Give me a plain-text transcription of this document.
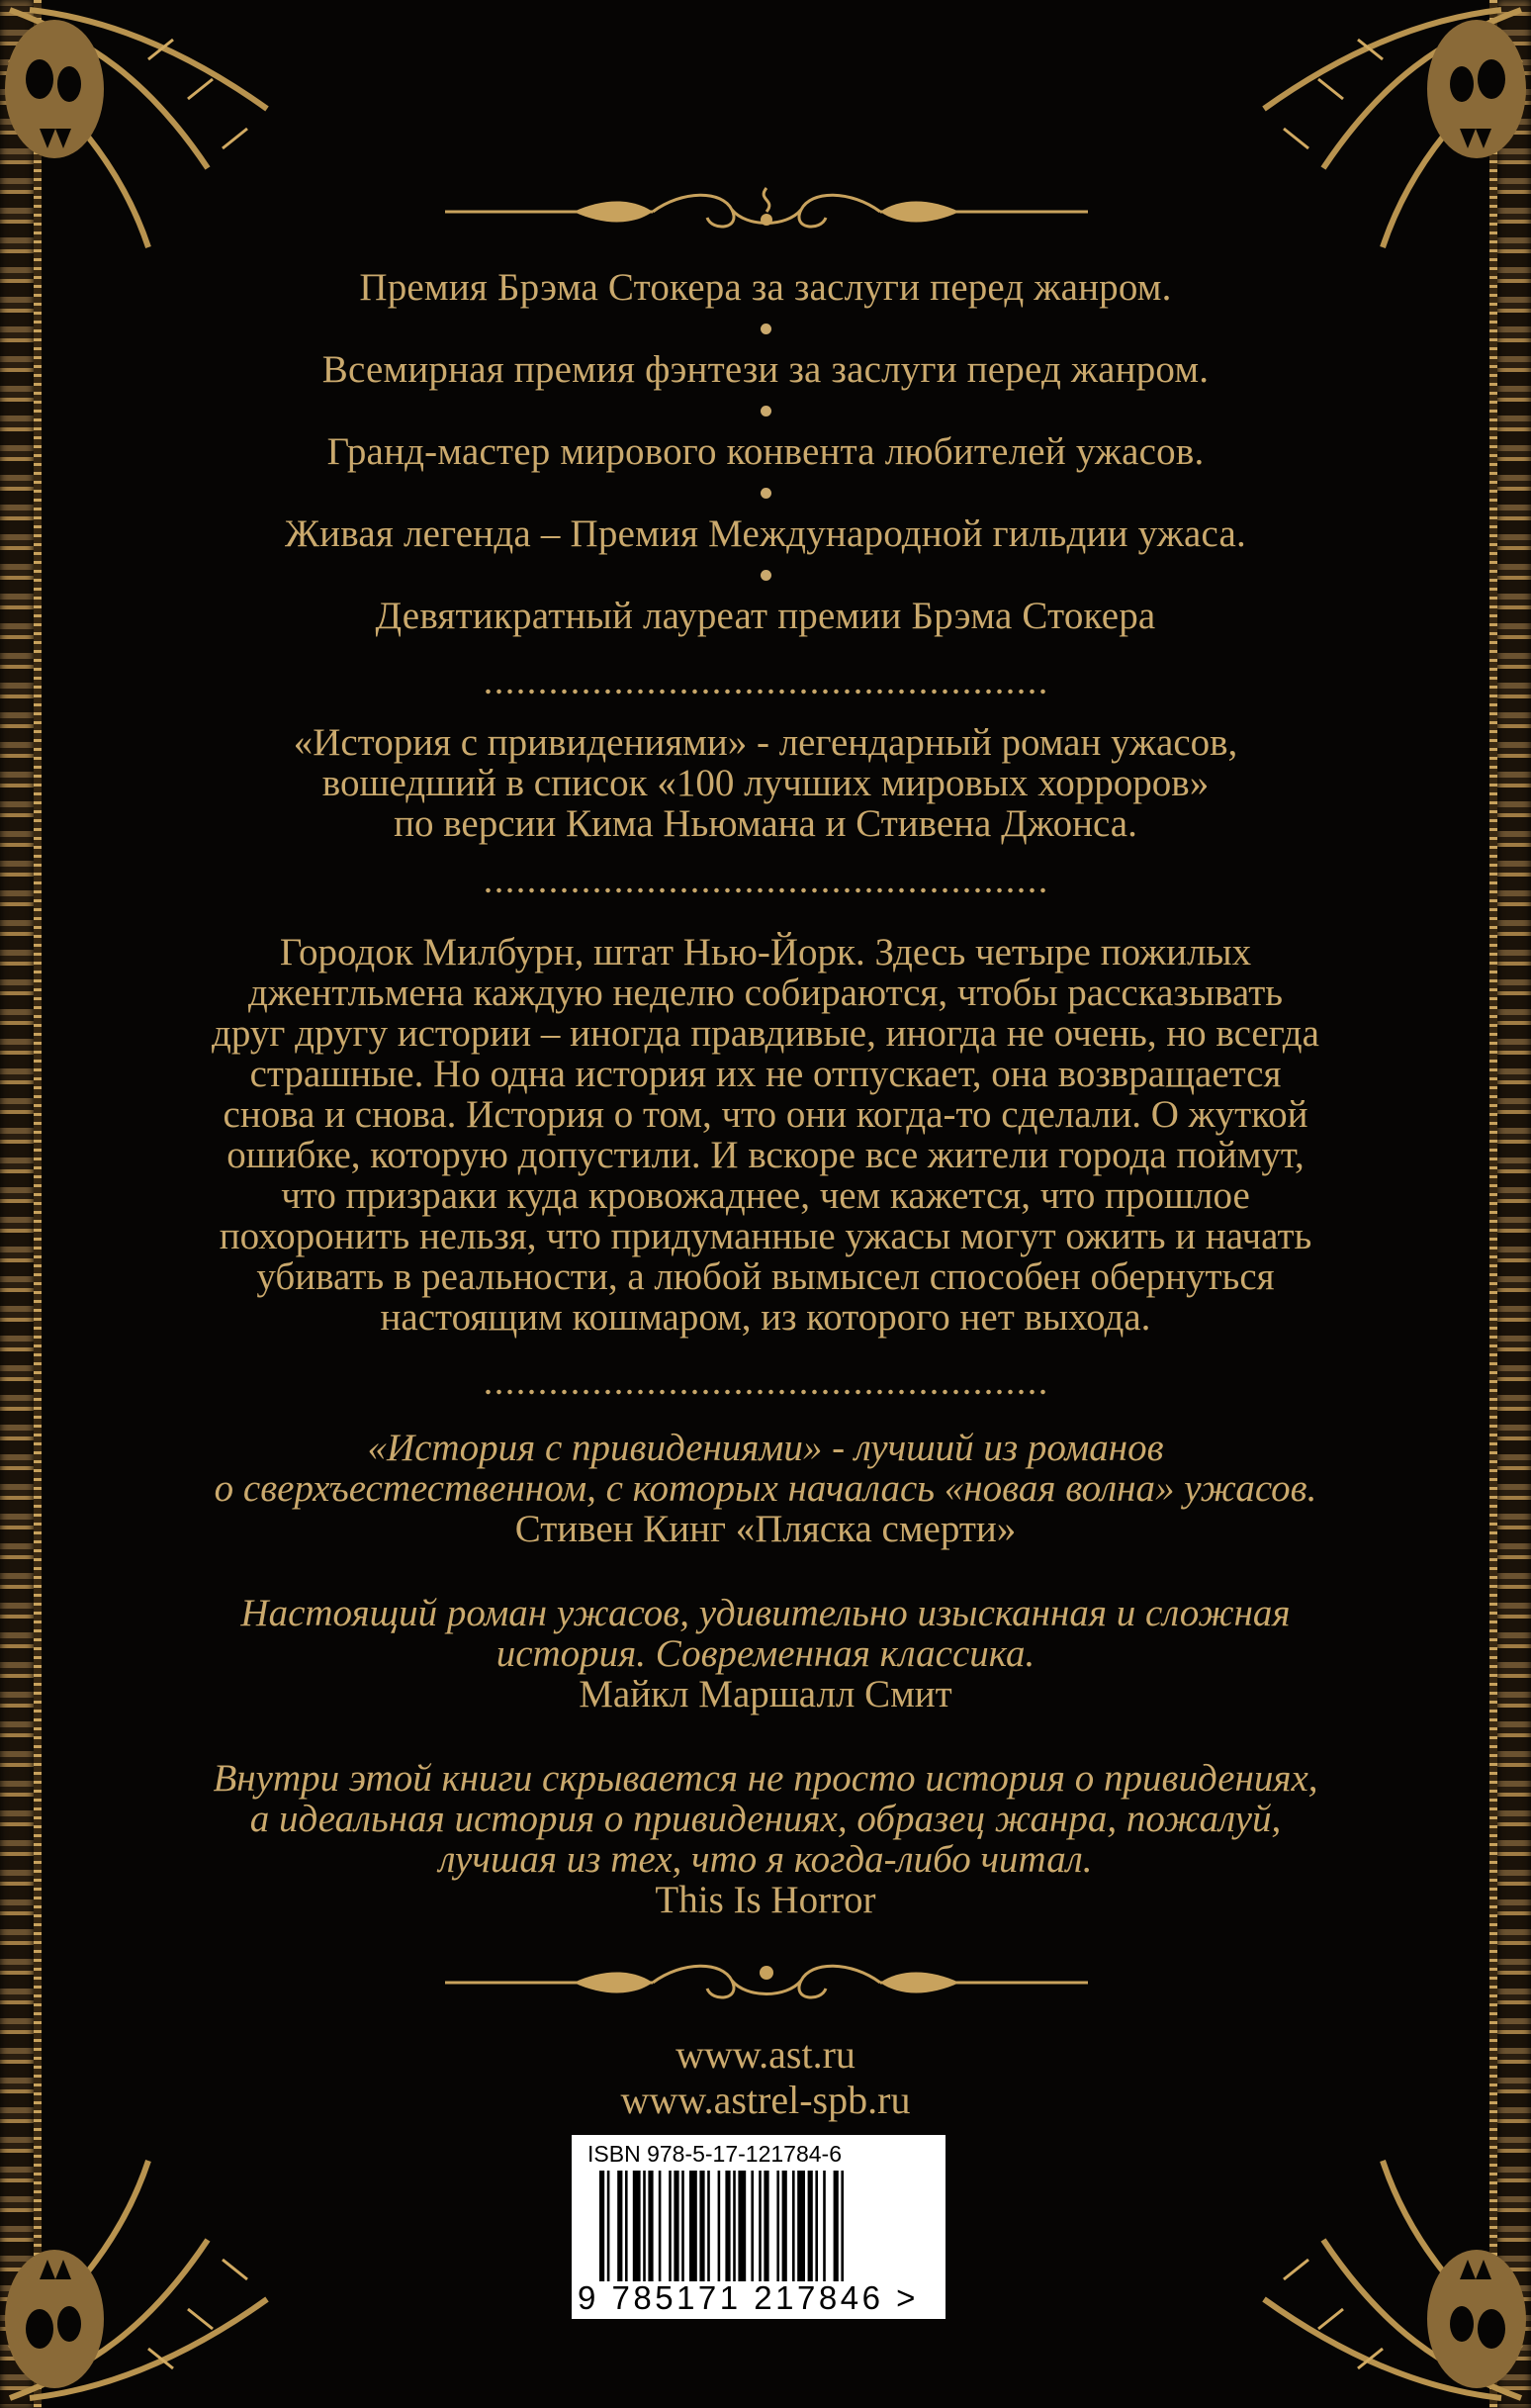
Премия Брэма Стокера за заслуги перед жанром.
Всемирная премия фэнтези за заслуги перед жанром.
Гранд-мастер мирового конвента любителей ужасов.
Живая легенда – Премия Международной гильдии ужаса.
Девятикратный лауреат премии Брэма Стокера

«История с привидениями» - легендарный роман ужасов,
вошедший в список «100 лучших мировых хорроров»
по версии Кима Ньюмана и Стивена Джонса.

Городок Милбурн, штат Нью-Йорк. Здесь четыре пожилых
джентльмена каждую неделю собираются, чтобы рассказывать
друг другу истории – иногда правдивые, иногда не очень, но всегда
страшные. Но одна история их не отпускает, она возвращается
снова и снова. История о том, что они когда-то сделали. О жуткой
ошибке, которую допустили. И вскоре все жители города поймут,
что призраки куда кровожаднее, чем кажется, что прошлое
похоронить нельзя, что придуманные ужасы могут ожить и начать
убивать в реальности, а любой вымысел способен обернуться
настоящим кошмаром, из которого нет выхода.

«История с привидениями» - лучший из романов
о сверхъестественном, с которых началась «новая волна» ужасов.
Стивен Кинг «Пляска смерти»

Настоящий роман ужасов, удивительно изысканная и сложная
история. Современная классика.
Майкл Маршалл Смит

Внутри этой книги скрывается не просто история о привидениях,
а идеальная история о привидениях, образец жанра, пожалуй,
лучшая из тех, что я когда-либо читал.
This Is Horror

www.ast.ru
www.astrel-spb.ru
ISBN 978-5-17-121784-6
9 785171 217846 >
